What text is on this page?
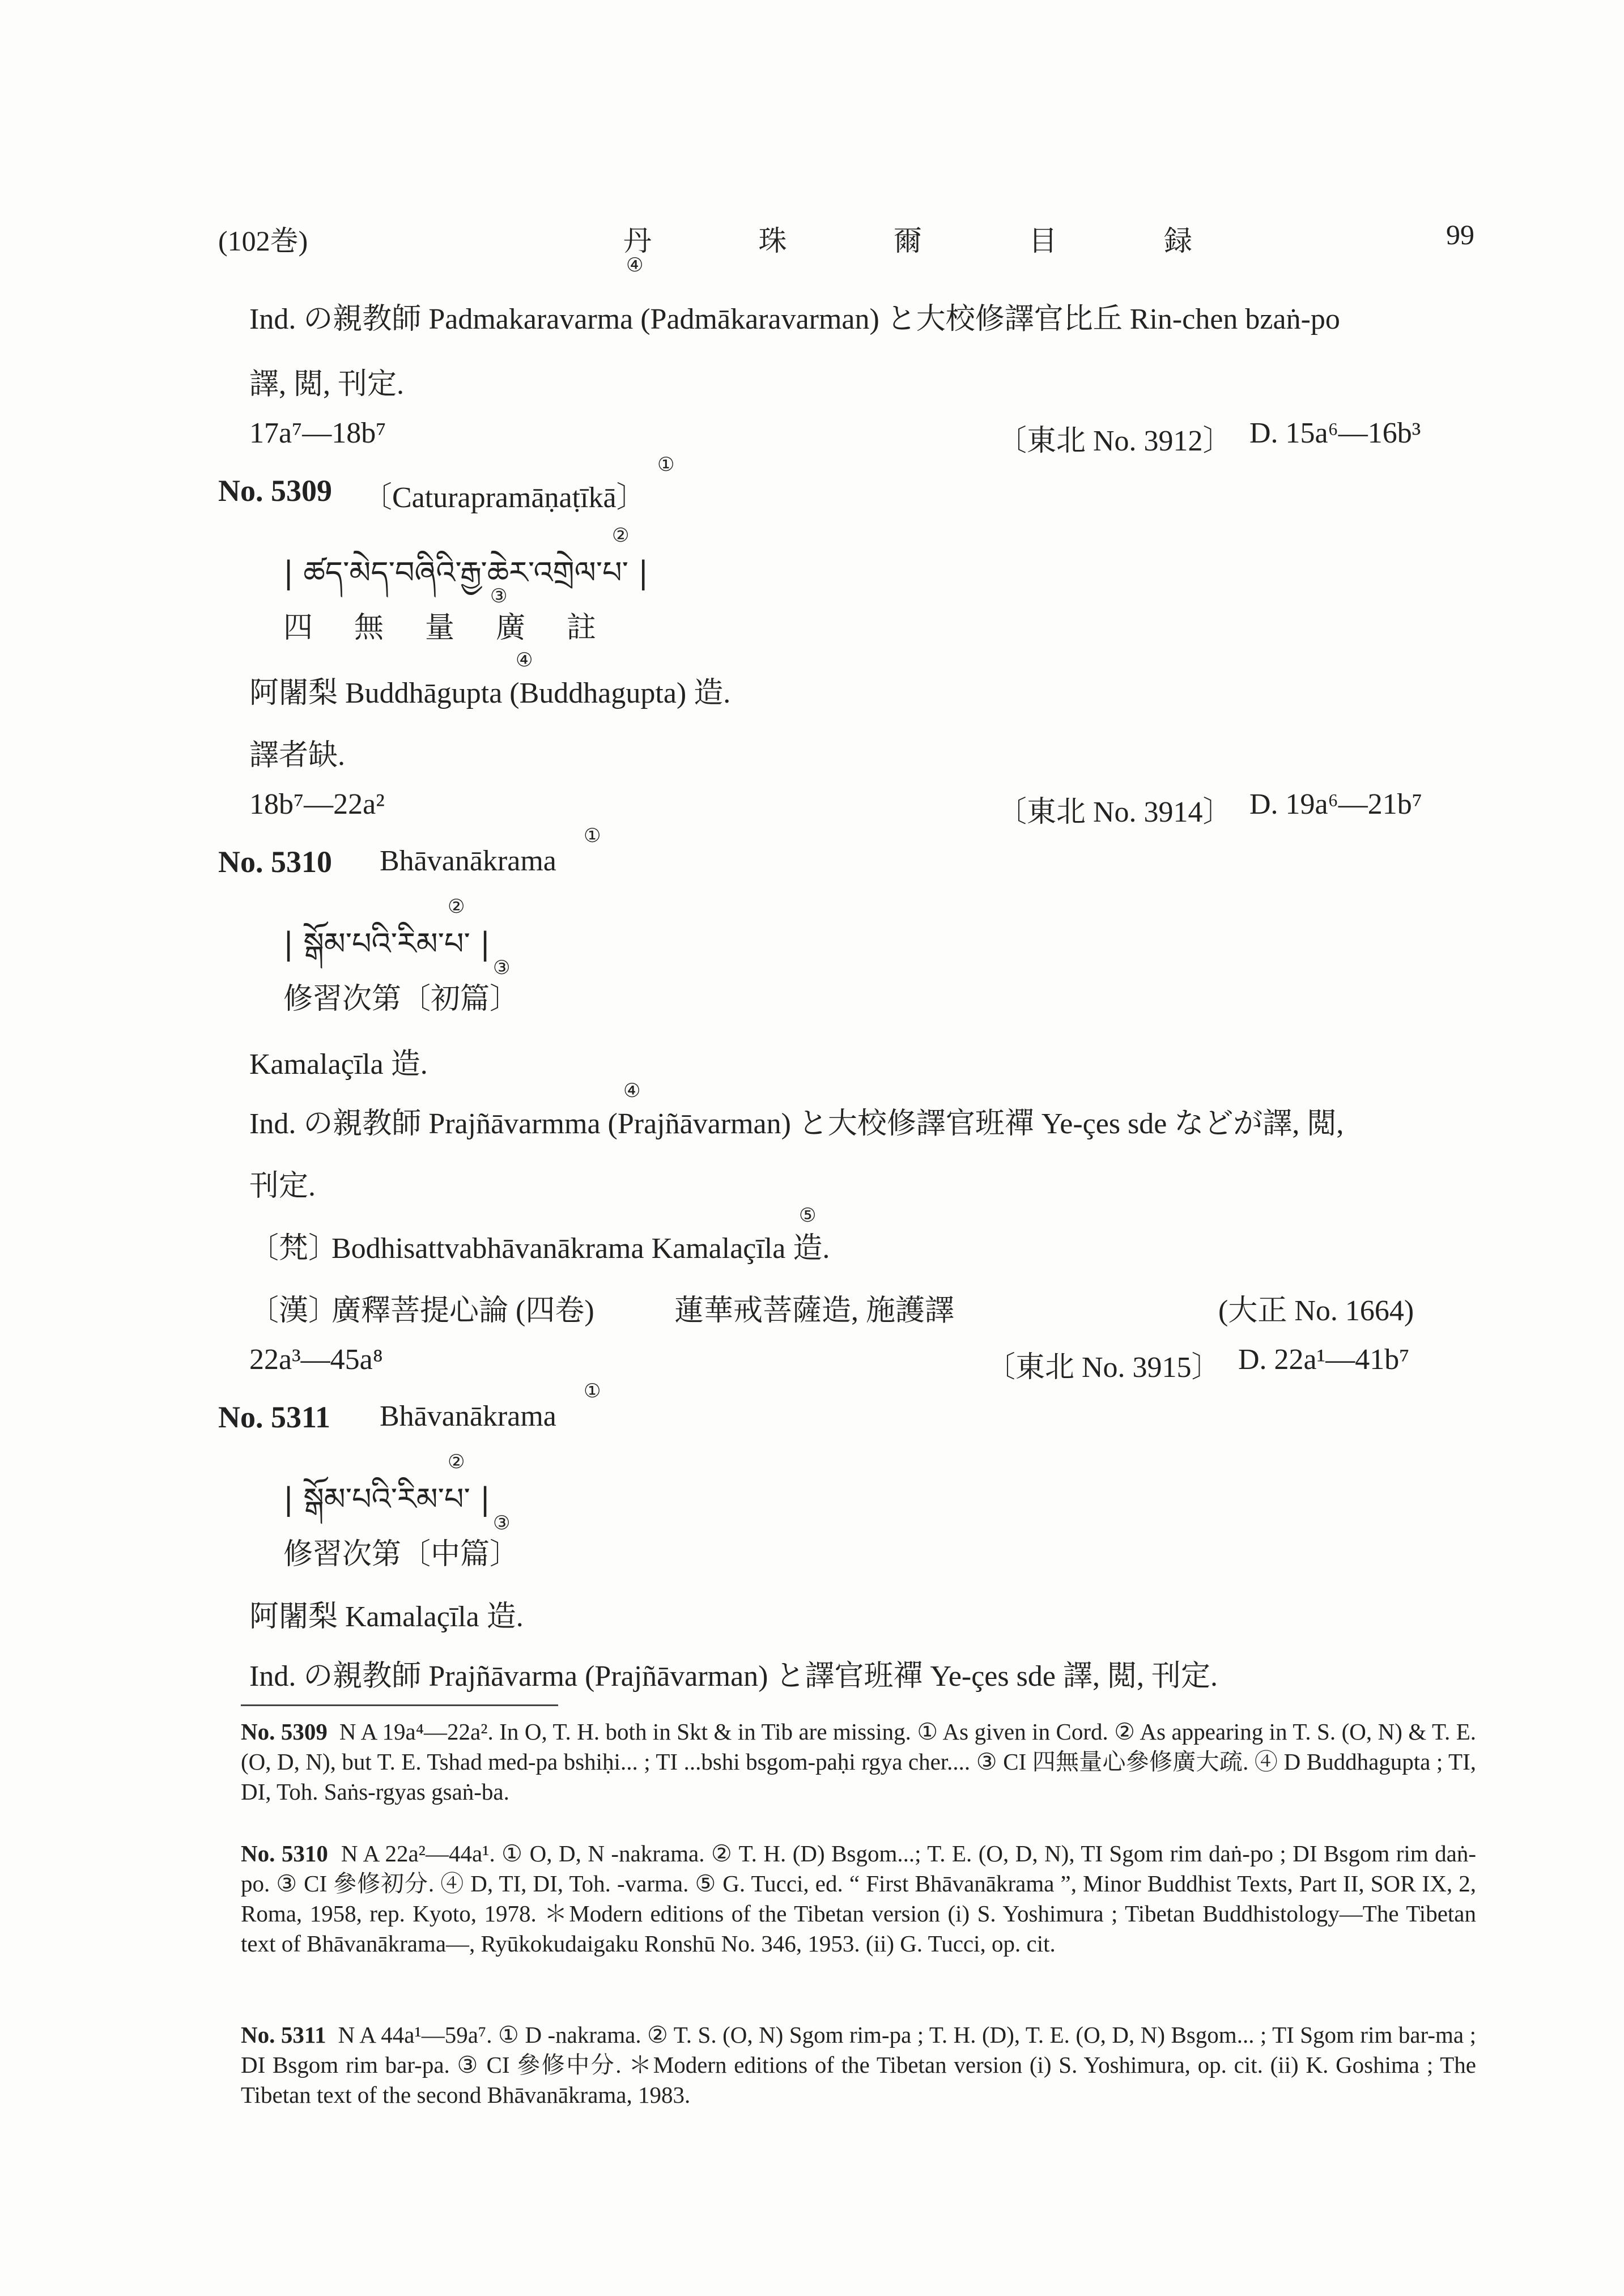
(102巻)	丹 珠 爾 目 録	99
Ind. の親教師 Padmakaravarma (Padmākaravarman) と大校修譯官比丘 Rin-chen bzaṅ-po
④
譯, 閲, 刊定.
17a⁷—18b⁷	〔東北 No. 3912〕 D. 15a⁶—16b³
No. 5309 〔Caturapramāṇaṭīkā〕
①
| ཚད་མེད་བཞིའི་རྒྱ་ཆེར་འགྲེལ་པ་ |
②
四 無 量 廣 註
③
阿闍梨 Buddhāgupta (Buddhagupta) 造.
④
譯者缺.
18b⁷—22a²	〔東北 No. 3914〕 D. 19a⁶—21b⁷
No. 5310 Bhāvanākrama
①
| སྒོམ་པའི་རིམ་པ་ |
②
修習次第〔初篇〕
③
Kamalaçīla 造.
Ind. の親教師 Prajñāvarmma (Prajñāvarman) と大校修譯官班禪 Ye-çes sde などが譯, 閲,
④
刊定.
〔梵〕
Bodhisattvabhāvanākrama Kamalaçīla 造.
⑤
〔漢〕
廣釋菩提心論 (四卷)	蓮華戒菩薩造, 施護譯	(大正 No. 1664)
22a³—45a⁸	〔東北 No. 3915〕 D. 22a¹—41b⁷
No. 5311 Bhāvanākrama
①
| སྒོམ་པའི་རིམ་པ་ |
②
修習次第〔中篇〕
③
阿闍梨 Kamalaçīla 造.
Ind. の親教師 Prajñāvarma (Prajñāvarman) と譯官班禪 Ye-çes sde 譯, 閲, 刊定.

No. 5309 N A 19a⁴—22a². In O, T. H. both in Skt & in Tib are missing. ① As given in Cord. ② As appearing in T. S. (O, N) & T. E. (O, D, N), but T. E. Tshad med-pa bshiḥi... ; TI ...bshi bsgom-paḥi rgya cher.... ③ CI 四無量心參修廣大疏. ④ D Buddhagupta ; TI, DI, Toh. Saṅs-rgyas gsaṅ-ba.

No. 5310 N A 22a²—44a¹. ① O, D, N -nakrama. ② T. H. (D) Bsgom...; T. E. (O, D, N), TI Sgom rim daṅ-po ; DI Bsgom rim daṅ-po. ③ CI 參修初分. ④ D, TI, DI, Toh. -varma. ⑤ G. Tucci, ed. “ First Bhāvanākrama ”, Minor Buddhist Texts, Part II, SOR IX, 2, Roma, 1958, rep. Kyoto, 1978. ＊Modern editions of the Tibetan version (i) S. Yoshimura ; Tibetan Buddhistology—The Tibetan text of Bhāvanākrama—, Ryūkokudaigaku Ronshū No. 346, 1953. (ii) G. Tucci, op. cit.

No. 5311 N A 44a¹—59a⁷. ① D -nakrama. ② T. S. (O, N) Sgom rim-pa ; T. H. (D), T. E. (O, D, N) Bsgom... ; TI Sgom rim bar-ma ; DI Bsgom rim bar-pa. ③ CI 參修中分. ＊Modern editions of the Tibetan version (i) S. Yoshimura, op. cit. (ii) K. Goshima ; The Tibetan text of the second Bhāvanākrama, 1983.
